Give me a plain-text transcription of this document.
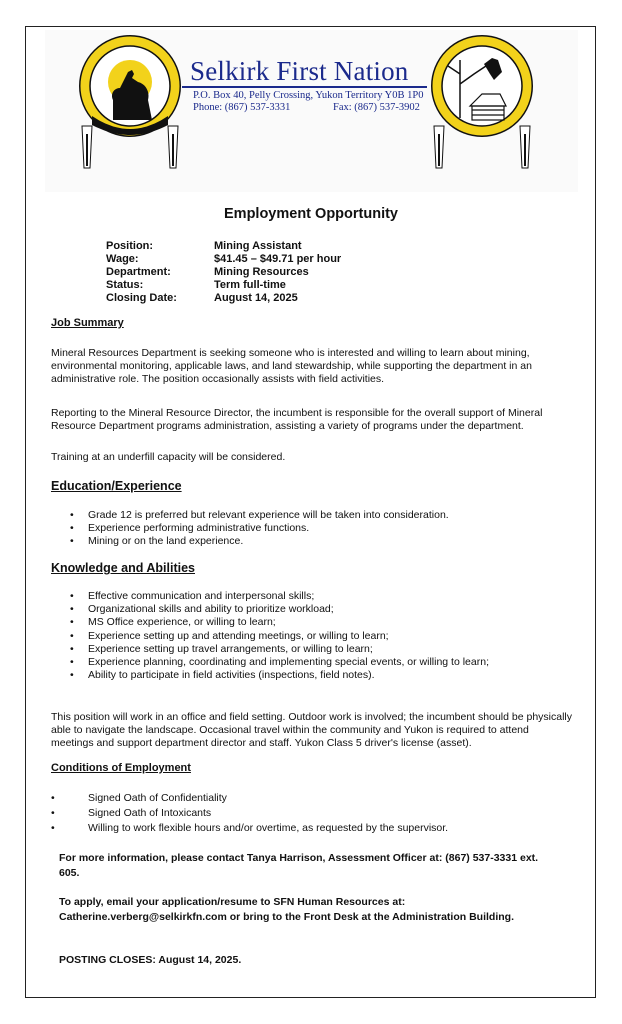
Selkirk First Nation
P.O. Box 40, Pelly Crossing, Yukon Territory Y0B 1P0
Phone: (867) 537-3331	Fax: (867) 537-3902
Employment Opportunity
Position:	Mining Assistant
Wage:	$41.45 – $49.71 per hour
Department:	Mining Resources
Status:	Term full-time
Closing Date:	August 14, 2025
Job Summary

Mineral Resources Department is seeking someone who is interested and willing to learn about mining, environmental monitoring, applicable laws, and land stewardship, while supporting the department in an administrative role. The position occasionally assists with field activities.

Reporting to the Mineral Resource Director, the incumbent is responsible for the overall support of Mineral Resource Department programs administration, assisting a variety of programs under the department.

Training at an underfill capacity will be considered.

Education/Experience
• Grade 12 is preferred but relevant experience will be taken into consideration.
• Experience performing administrative functions.
• Mining or on the land experience.
Knowledge and Abilities
• Effective communication and interpersonal skills;
• Organizational skills and ability to prioritize workload;
• MS Office experience, or willing to learn;
• Experience setting up and attending meetings, or willing to learn;
• Experience setting up travel arrangements, or willing to learn;
• Experience planning, coordinating and implementing special events, or willing to learn;
• Ability to participate in field activities (inspections, field notes).

This position will work in an office and field setting. Outdoor work is involved; the incumbent should be physically able to navigate the landscape. Occasional travel within the community and Yukon is required to attend meetings and support department director and staff. Yukon Class 5 driver's license (asset).

Conditions of Employment
• Signed Oath of Confidentiality
• Signed Oath of Intoxicants
• Willing to work flexible hours and/or overtime, as requested by the supervisor.

For more information, please contact Tanya Harrison, Assessment Officer at: (867) 537-3331 ext. 605.

To apply, email your application/resume to SFN Human Resources at: Catherine.verberg@selkirkfn.com or bring to the Front Desk at the Administration Building.

POSTING CLOSES: August 14, 2025.
